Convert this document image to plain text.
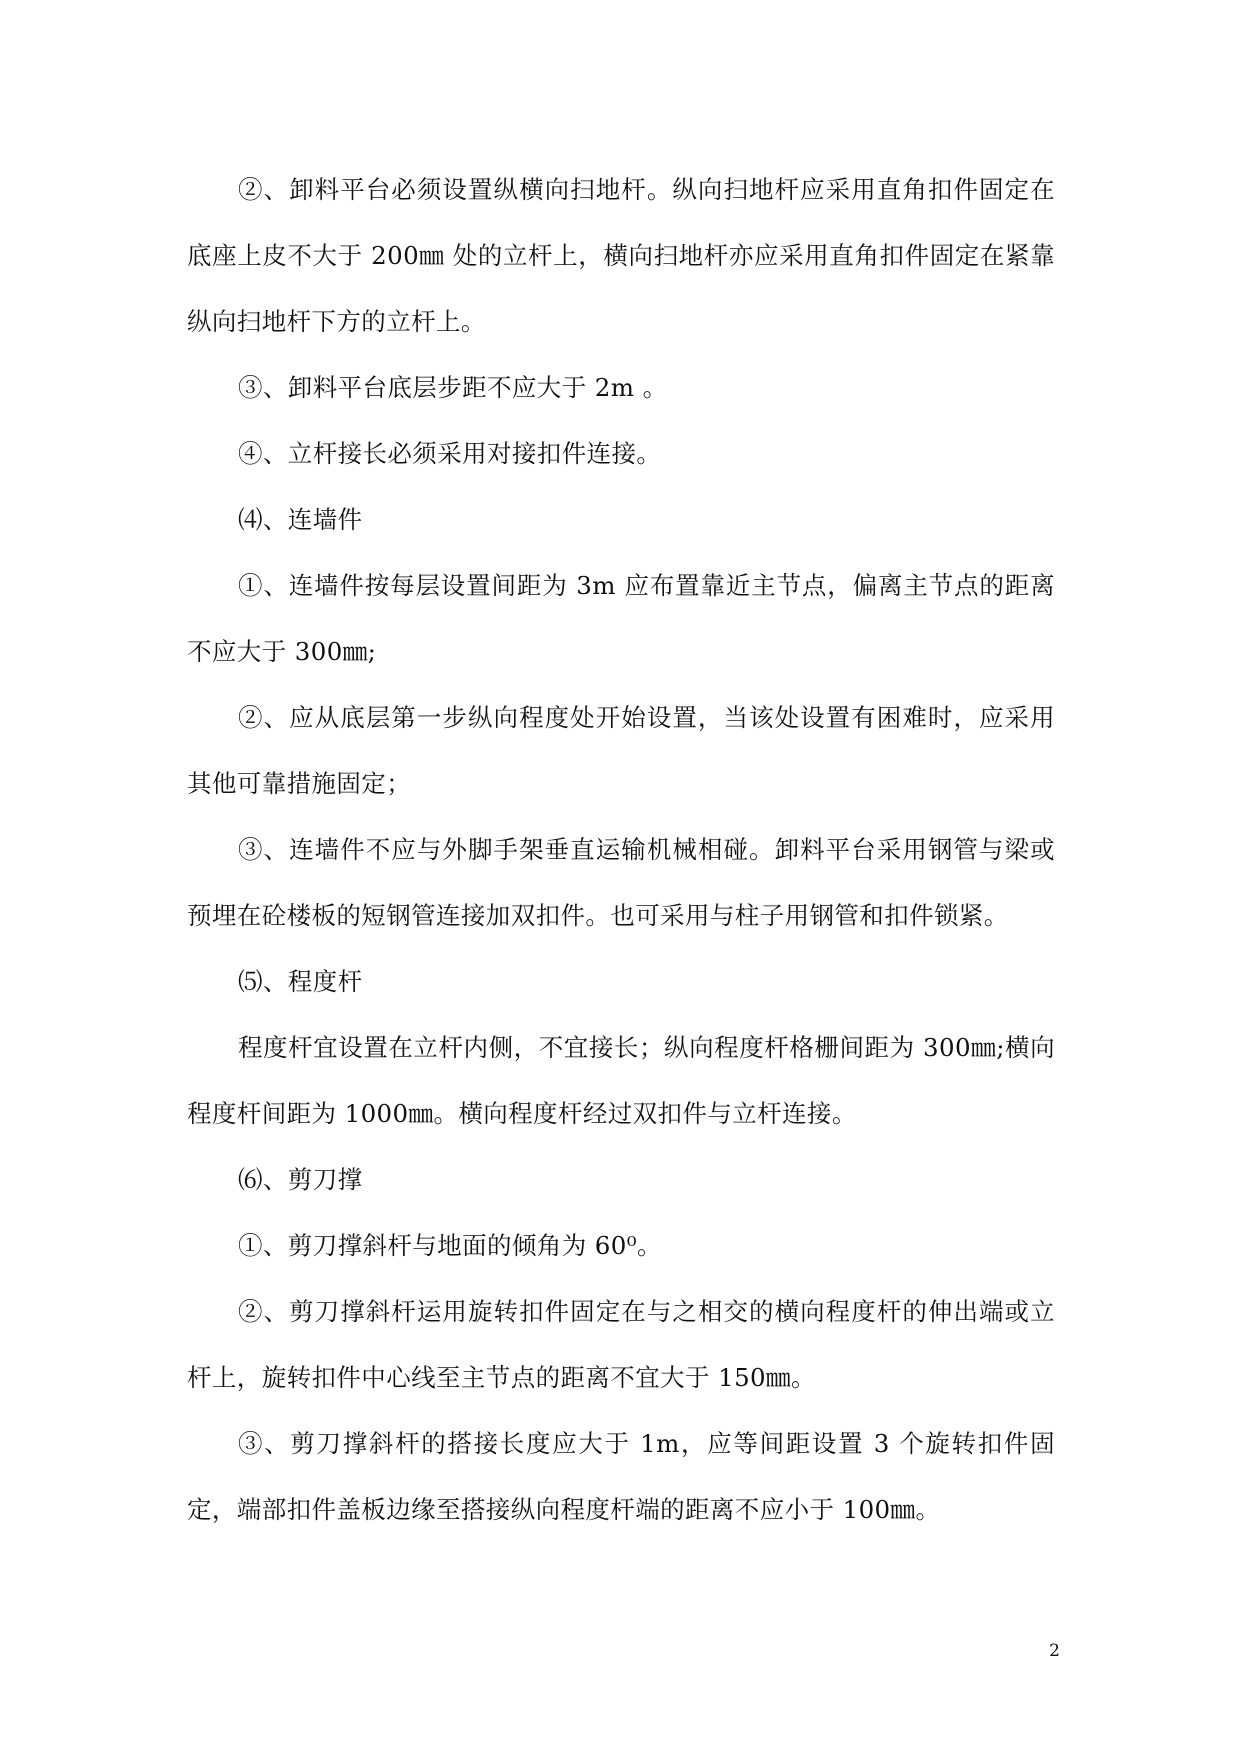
②、卸料平台必须设置纵横向扫地杆。纵向扫地杆应采用直角扣件固定在底座上皮不大于 200㎜ 处的立杆上，横向扫地杆亦应采用直角扣件固定在紧靠纵向扫地杆下方的立杆上。

③、卸料平台底层步距不应大于 2m 。

④、立杆接长必须采用对接扣件连接。

⑷、连墙件

①、连墙件按每层设置间距为 3m 应布置靠近主节点，偏离主节点的距离不应大于 300㎜;

②、应从底层第一步纵向程度处开始设置，当该处设置有困难时，应采用其他可靠措施固定；

③、连墙件不应与外脚手架垂直运输机械相碰。卸料平台采用钢管与梁或预埋在砼楼板的短钢管连接加双扣件。也可采用与柱子用钢管和扣件锁紧。

⑸、程度杆

程度杆宜设置在立杆内侧，不宜接长；纵向程度杆格栅间距为 300㎜;横向程度杆间距为 1000㎜。横向程度杆经过双扣件与立杆连接。

⑹、剪刀撑

①、剪刀撑斜杆与地面的倾角为 60⁰。

②、剪刀撑斜杆运用旋转扣件固定在与之相交的横向程度杆的伸出端或立杆上，旋转扣件中心线至主节点的距离不宜大于 150㎜。

③、剪刀撑斜杆的搭接长度应大于 1m，应等间距设置 3 个旋转扣件固定，端部扣件盖板边缘至搭接纵向程度杆端的距离不应小于 100㎜。

2
